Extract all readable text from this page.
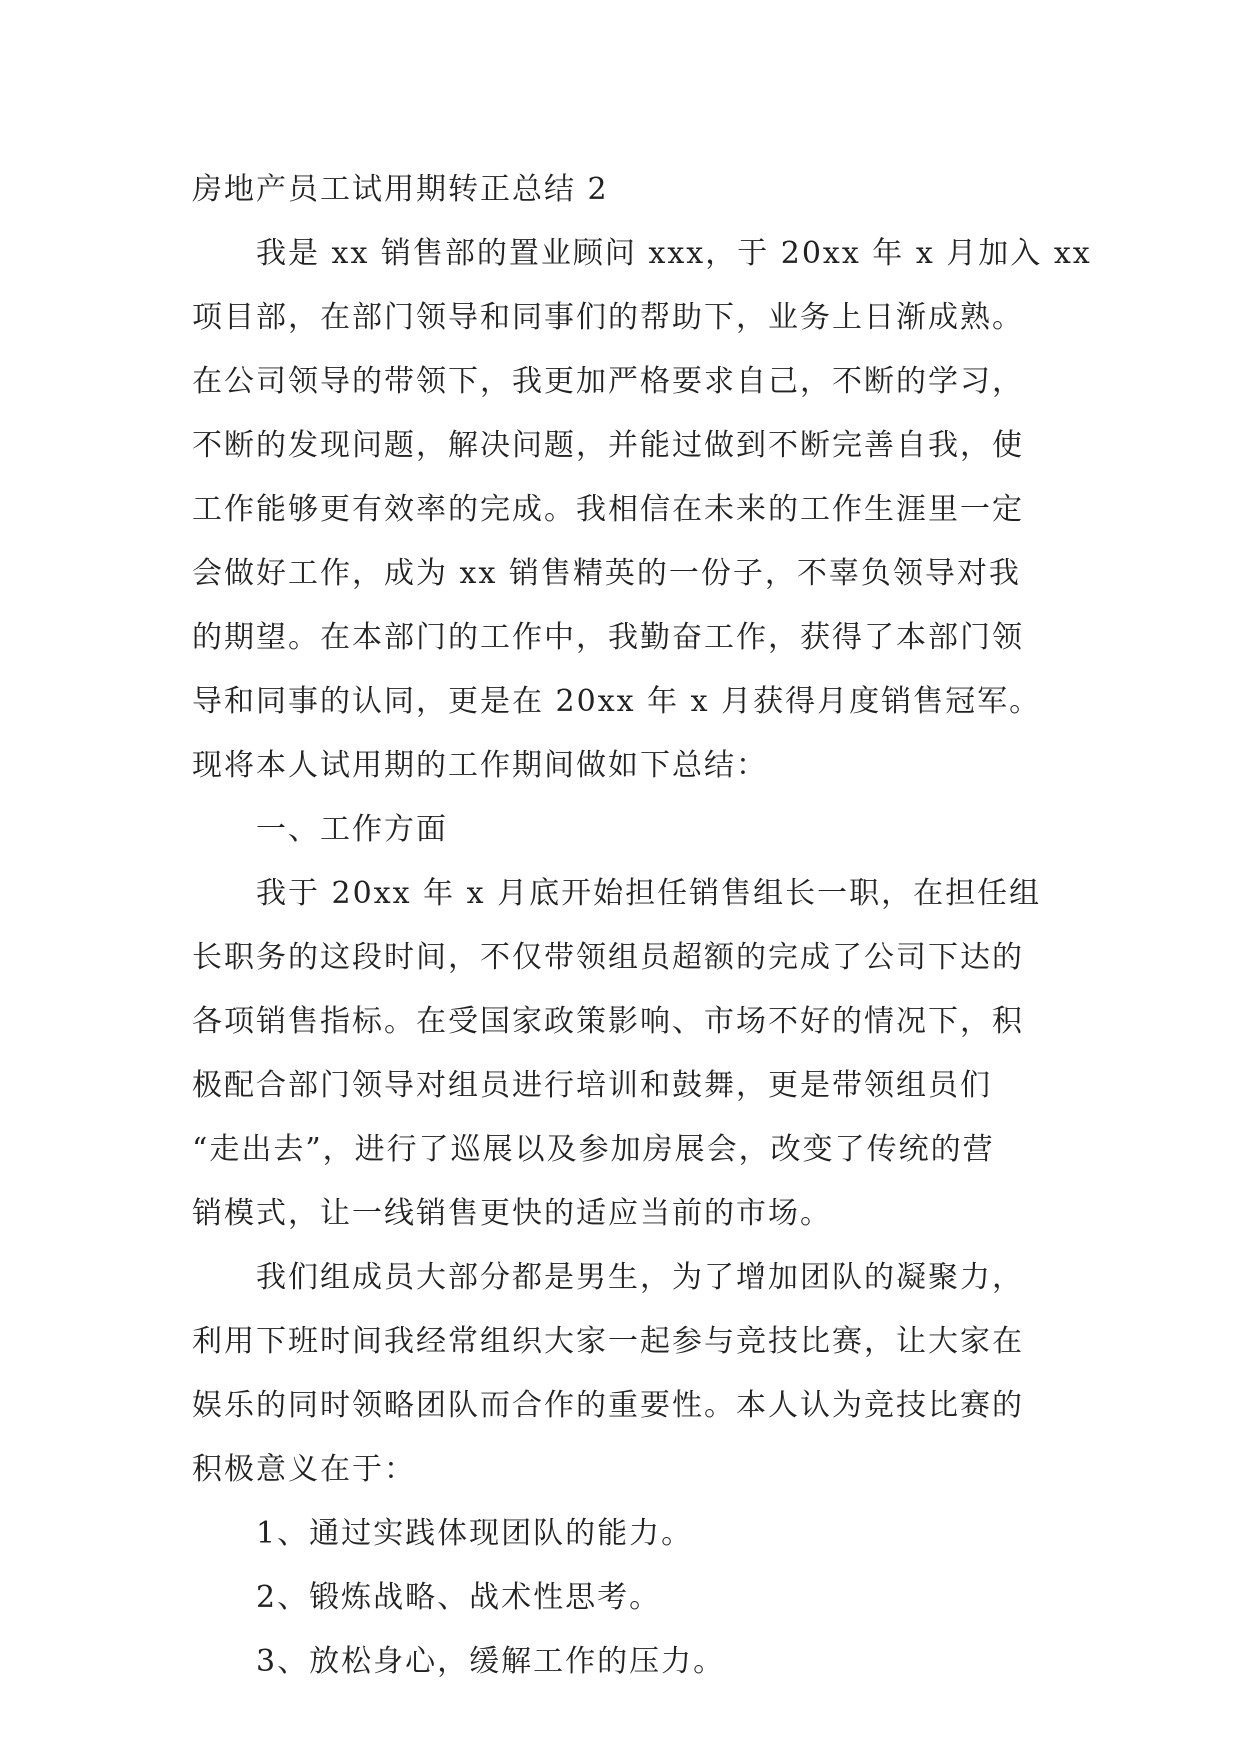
房地产员工试用期转正总结 2

我是 xx 销售部的置业顾问 xxx，于 20xx 年 x 月加入 xx

项目部，在部门领导和同事们的帮助下，业务上日渐成熟。

在公司领导的带领下，我更加严格要求自己，不断的学习，

不断的发现问题，解决问题，并能过做到不断完善自我，使

工作能够更有效率的完成。我相信在未来的工作生涯里一定

会做好工作，成为 xx 销售精英的一份子，不辜负领导对我

的期望。在本部门的工作中，我勤奋工作，获得了本部门领

导和同事的认同，更是在 20xx 年 x 月获得月度销售冠军。

现将本人试用期的工作期间做如下总结：

一、工作方面

我于 20xx 年 x 月底开始担任销售组长一职，在担任组

长职务的这段时间，不仅带领组员超额的完成了公司下达的

各项销售指标。在受国家政策影响、市场不好的情况下，积

极配合部门领导对组员进行培训和鼓舞，更是带领组员们

“走出去”，进行了巡展以及参加房展会，改变了传统的营

销模式，让一线销售更快的适应当前的市场。

我们组成员大部分都是男生，为了增加团队的凝聚力，

利用下班时间我经常组织大家一起参与竞技比赛，让大家在

娱乐的同时领略团队而合作的重要性。本人认为竞技比赛的

积极意义在于：

1、通过实践体现团队的能力。

2、锻炼战略、战术性思考。

3、放松身心，缓解工作的压力。
